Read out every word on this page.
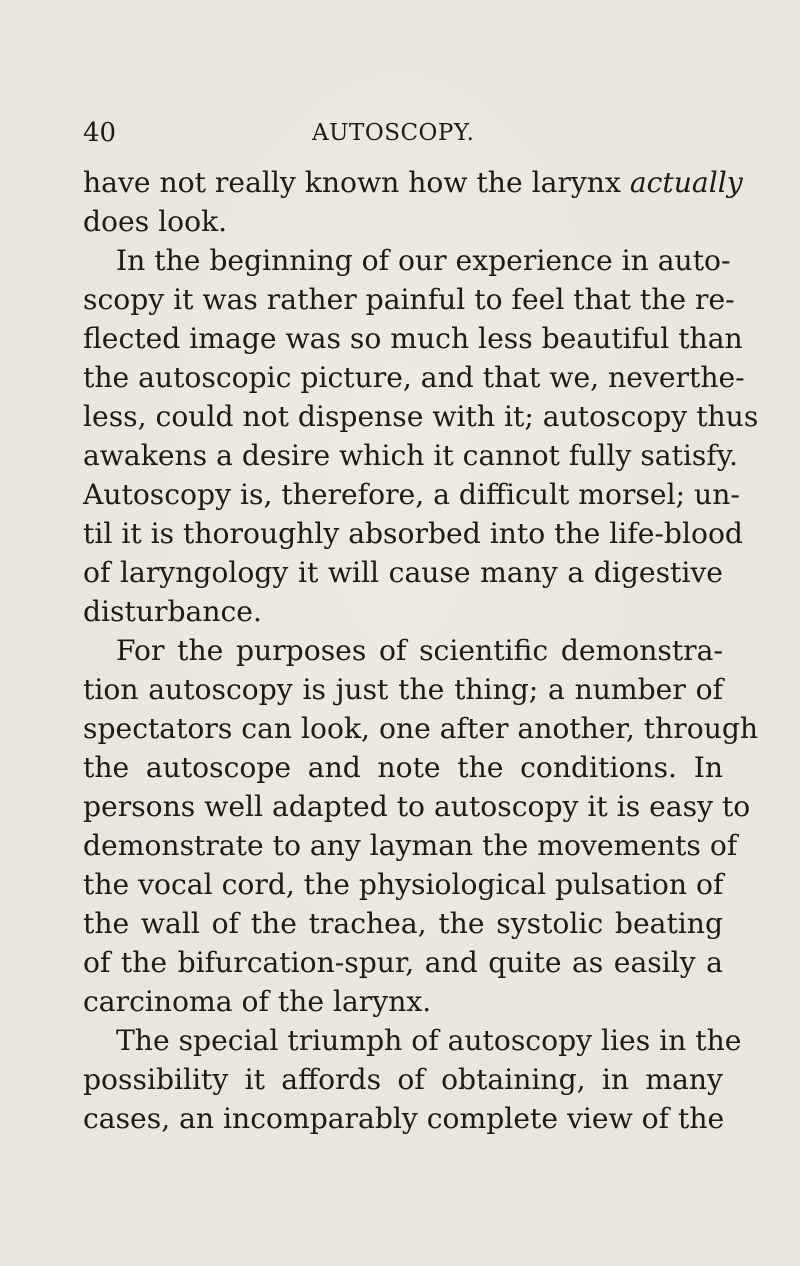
40	AUTOSCOPY.
have not really known how the larynx actually
does look.
In the beginning of our experience in auto-
scopy it was rather painful to feel that the re-
flected image was so much less beautiful than
the autoscopic picture, and that we, neverthe-
less, could not dispense with it; autoscopy thus
awakens a desire which it cannot fully satisfy.
Autoscopy is, therefore, a difficult morsel; un-
til it is thoroughly absorbed into the life-blood
of laryngology it will cause many a digestive
disturbance.
For the purposes of scientific demonstra-
tion autoscopy is just the thing; a number of
spectators can look, one after another, through
the autoscope and note the conditions. In
persons well adapted to autoscopy it is easy to
demonstrate to any layman the movements of
the vocal cord, the physiological pulsation of
the wall of the trachea, the systolic beating
of the bifurcation-spur, and quite as easily a
carcinoma of the larynx.
The special triumph of autoscopy lies in the
possibility it affords of obtaining, in many
cases, an incomparably complete view of the
